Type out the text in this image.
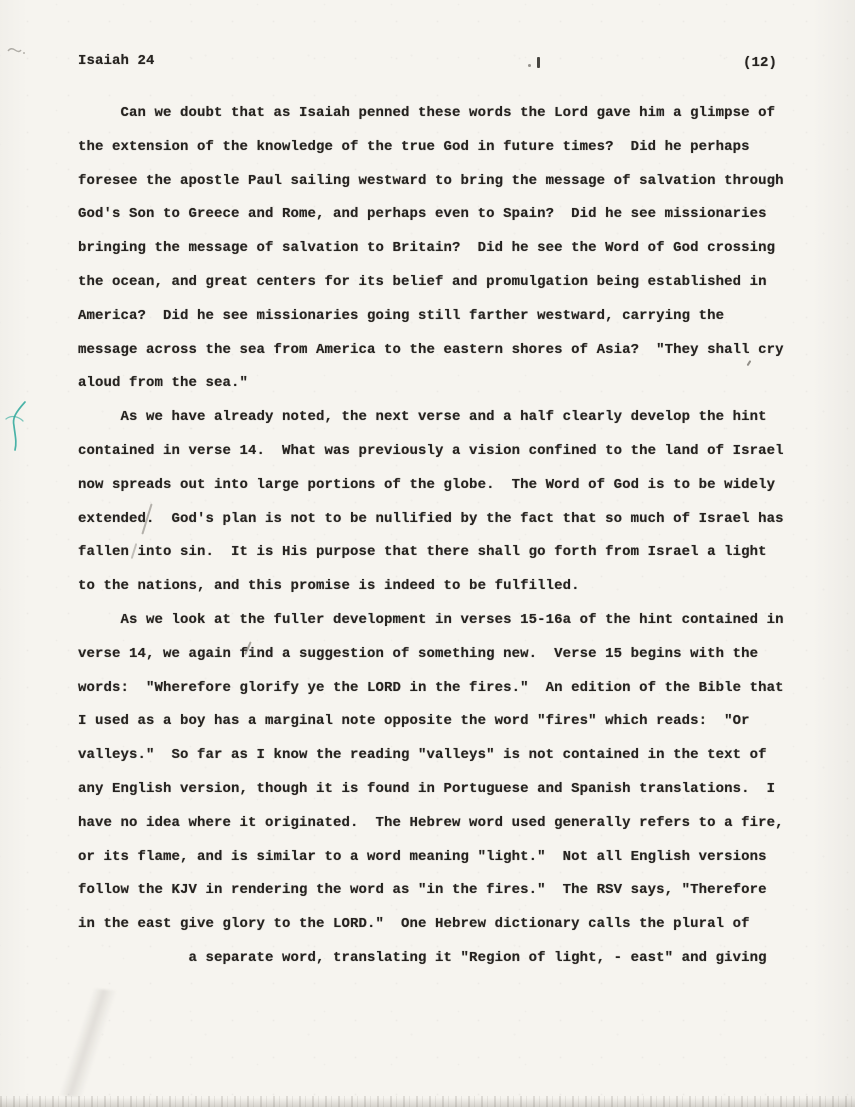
Isaiah 24	(12)
Can we doubt that as Isaiah penned these words the Lord gave him a glimpse of
the extension of the knowledge of the true God in future times?  Did he perhaps
foresee the apostle Paul sailing westward to bring the message of salvation through
God's Son to Greece and Rome, and perhaps even to Spain?  Did he see missionaries
bringing the message of salvation to Britain?  Did he see the Word of God crossing
the ocean, and great centers for its belief and promulgation being established in
America?  Did he see missionaries going still farther westward, carrying the
message across the sea from America to the eastern shores of Asia?  "They shall cry
aloud from the sea."
As we have already noted, the next verse and a half clearly develop the hint
contained in verse 14.  What was previously a vision confined to the land of Israel
now spreads out into large portions of the globe.  The Word of God is to be widely
extended.  God's plan is not to be nullified by the fact that so much of Israel has
fallen into sin.  It is His purpose that there shall go forth from Israel a light
to the nations, and this promise is indeed to be fulfilled.
As we look at the fuller development in verses 15-16a of the hint contained in
verse 14, we again find a suggestion of something new.  Verse 15 begins with the
words:  "Wherefore glorify ye the LORD in the fires."  An edition of the Bible that
I used as a boy has a marginal note opposite the word "fires" which reads:  "Or
valleys."  So far as I know the reading "valleys" is not contained in the text of
any English version, though it is found in Portuguese and Spanish translations.  I
have no idea where it originated.  The Hebrew word used generally refers to a fire,
or its flame, and is similar to a word meaning "light."  Not all English versions
follow the KJV in rendering the word as "in the fires."  The RSV says, "Therefore
in the east give glory to the LORD."  One Hebrew dictionary calls the plural of
a separate word, translating it "Region of light, - east" and giving
